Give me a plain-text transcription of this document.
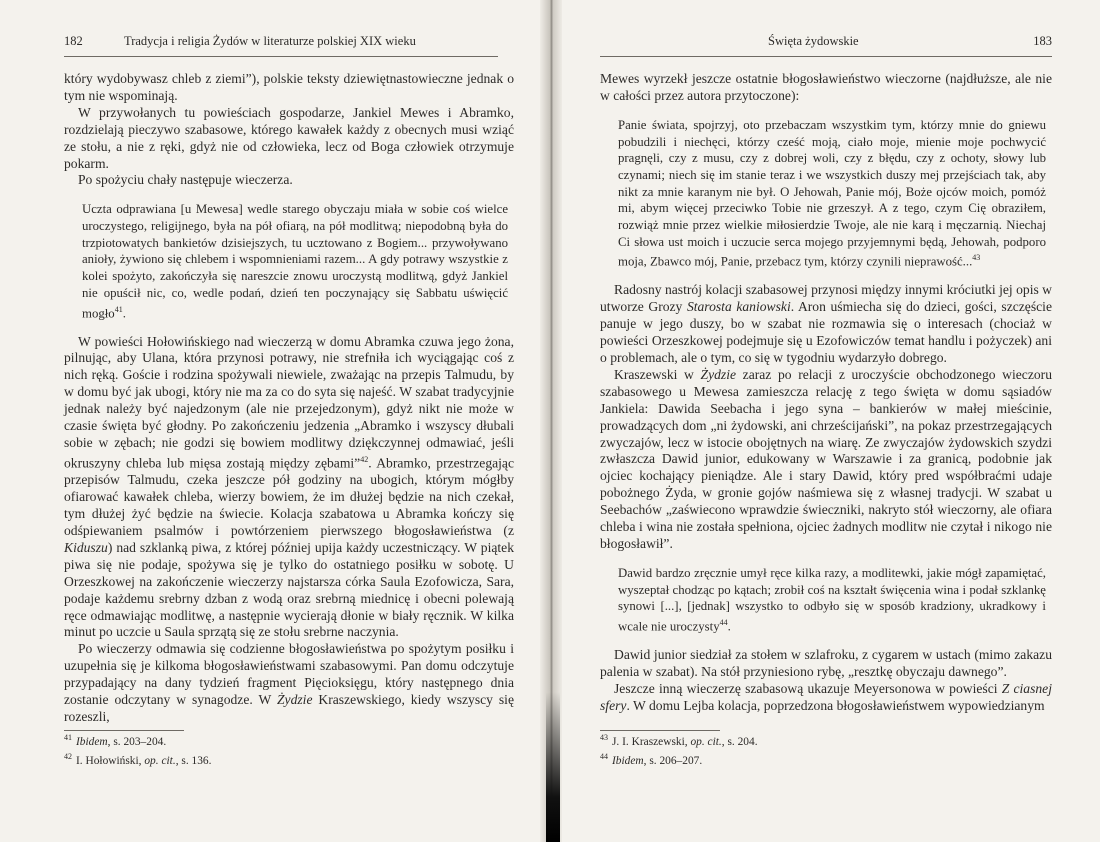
182	Tradycja i religia Żydów w literaturze polskiej XIX wieku

który wydobywasz chleb z ziemi”), polskie teksty dziewiętnastowieczne jednak o tym nie wspominają.

W przywołanych tu powieściach gospodarze, Jankiel Mewes i Abramko, rozdzielają pieczywo szabasowe, którego kawałek każdy z obecnych musi wziąć ze stołu, a nie z ręki, gdyż nie od człowieka, lecz od Boga człowiek otrzymuje pokarm.

Po spożyciu chały następuje wieczerza.

Uczta odprawiana [u Mewesa] wedle starego obyczaju miała w sobie coś wielce uroczystego, religijnego, była na pół ofiarą, na pół modlitwą; niepodobną była do trzpiotowatych bankietów dzisiejszych, tu ucztowano z Bogiem... przywoływano anioły, żywiono się chlebem i wspomnieniami razem... A gdy potrawy wszystkie z kolei spożyto, zakończyła się nareszcie znowu uroczystą modlitwą, gdyż Jankiel nie opuścił nic, co, wedle podań, dzień ten poczynający się Sabbatu uświęcić mogło$^{41}$.

W powieści Hołowińskiego nad wieczerzą w domu Abramka czuwa jego żona, pilnując, aby Ulana, która przynosi potrawy, nie strefniła ich wyciągając coś z nich ręką. Goście i rodzina spożywali niewiele, zważając na przepis Talmudu, by w domu być jak ubogi, który nie ma za co do syta się najeść. W szabat tradycyjnie jednak należy być najedzonym (ale nie przejedzonym), gdyż nikt nie może w czasie święta być głodny. Po zakończeniu jedzenia „Abramko i wszyscy dłubali sobie w zębach; nie godzi się bowiem modlitwy dziękczynnej odmawiać, jeśli okruszyny chleba lub mięsa zostają między zębami”$^{42}$. Abramko, przestrzegając przepisów Talmudu, czeka jeszcze pół godziny na ubogich, którym mógłby ofiarować kawałek chleba, wierzy bowiem, że im dłużej będzie na nich czekał, tym dłużej żyć będzie na świecie. Kolacja szabatowa u Abramka kończy się odśpiewaniem psalmów i powtórzeniem pierwszego błogosławieństwa (z Kiduszu) nad szklanką piwa, z której później upija każdy uczestniczący. W piątek piwa się nie podaje, spożywa się je tylko do ostatniego posiłku w sobotę. U Orzeszkowej na zakończenie wieczerzy najstarsza córka Saula Ezofowicza, Sara, podaje każdemu srebrny dzban z wodą oraz srebrną miednicę i obecni polewają ręce odmawiając modlitwę, a następnie wycierają dłonie w biały ręcznik. W kilka minut po uczcie u Saula sprzątą się ze stołu srebrne naczynia.

Po wieczerzy odmawia się codzienne błogosławieństwa po spożytym posiłku i uzupełnia się je kilkoma błogosławieństwami szabasowymi. Pan domu odczytuje przypadający na dany tydzień fragment Pięcioksięgu, który następnego dnia zostanie odczytany w synagodze. W Żydzie Kraszewskiego, kiedy wszyscy się rozeszli,

$^{41}$ Ibidem, s. 203–204.
$^{42}$ I. Hołowiński, op. cit., s. 136.
Święta żydowskie	183

Mewes wyrzekł jeszcze ostatnie błogosławieństwo wieczorne (najdłuższe, ale nie w całości przez autora przytoczone):

Panie świata, spojrzyj, oto przebaczam wszystkim tym, którzy mnie do gniewu pobudzili i niechęci, którzy cześć moją, ciało moje, mienie moje pochwycić pragnęli, czy z musu, czy z dobrej woli, czy z błędu, czy z ochoty, słowy lub czynami; niech się im stanie teraz i we wszystkich duszy mej przejściach tak, aby nikt za mnie karanym nie był. O Jehowah, Panie mój, Boże ojców moich, pomóż mi, abym więcej przeciwko Tobie nie grzeszył. A z tego, czym Cię obraziłem, rozwiąż mnie przez wielkie miłosierdzie Twoje, ale nie karą i męczarnią. Niechaj Ci słowa ust moich i uczucie serca mojego przyjemnymi będą, Jehowah, podporo moja, Zbawco mój, Panie, przebacz tym, którzy czynili nieprawość...$^{43}$

Radosny nastrój kolacji szabasowej przynosi między innymi króciutki jej opis w utworze Grozy Starosta kaniowski. Aron uśmiecha się do dzieci, gości, szczęście panuje w jego duszy, bo w szabat nie rozmawia się o interesach (chociaż w powieści Orzeszkowej podejmuje się u Ezofowiczów temat handlu i pożyczek) ani o problemach, ale o tym, co się w tygodniu wydarzyło dobrego.

Kraszewski w Żydzie zaraz po relacji z uroczyście obchodzonego wieczoru szabasowego u Mewesa zamieszcza relację z tego święta w domu sąsiadów Jankiela: Dawida Seebacha i jego syna – bankierów w małej mieścinie, prowadzących dom „ni żydowski, ani chrześcijański”, na pokaz przestrzegających zwyczajów, lecz w istocie obojętnych na wiarę. Ze zwyczajów żydowskich szydzi zwłaszcza Dawid junior, edukowany w Warszawie i za granicą, podobnie jak ojciec kochający pieniądze. Ale i stary Dawid, który pred współbraćmi udaje pobożnego Żyda, w gronie gojów naśmiewa się z własnej tradycji. W szabat u Seebachów „zaświecono wprawdzie świeczniki, nakryto stół wieczorny, ale ofiara chleba i wina nie została spełniona, ojciec żadnych modlitw nie czytał i nikogo nie błogosławił”.

Dawid bardzo zręcznie umył ręce kilka razy, a modlitewki, jakie mógł zapamiętać, wyszeptał chodząc po kątach; zrobił coś na kształt święcenia wina i podał szklankę synowi [...], [jednak] wszystko to odbyło się w sposób kradziony, ukradkowy i wcale nie uroczysty$^{44}$.

Dawid junior siedział za stołem w szlafroku, z cygarem w ustach (mimo zakazu palenia w szabat). Na stół przyniesiono rybę, „resztkę obyczaju dawnego”.

Jeszcze inną wieczerzę szabasową ukazuje Meyersonowa w powieści Z ciasnej sfery. W domu Lejba kolacja, poprzedzona błogosławieństwem wypowiedzianym

$^{43}$ J. I. Kraszewski, op. cit., s. 204.
$^{44}$ Ibidem, s. 206–207.
